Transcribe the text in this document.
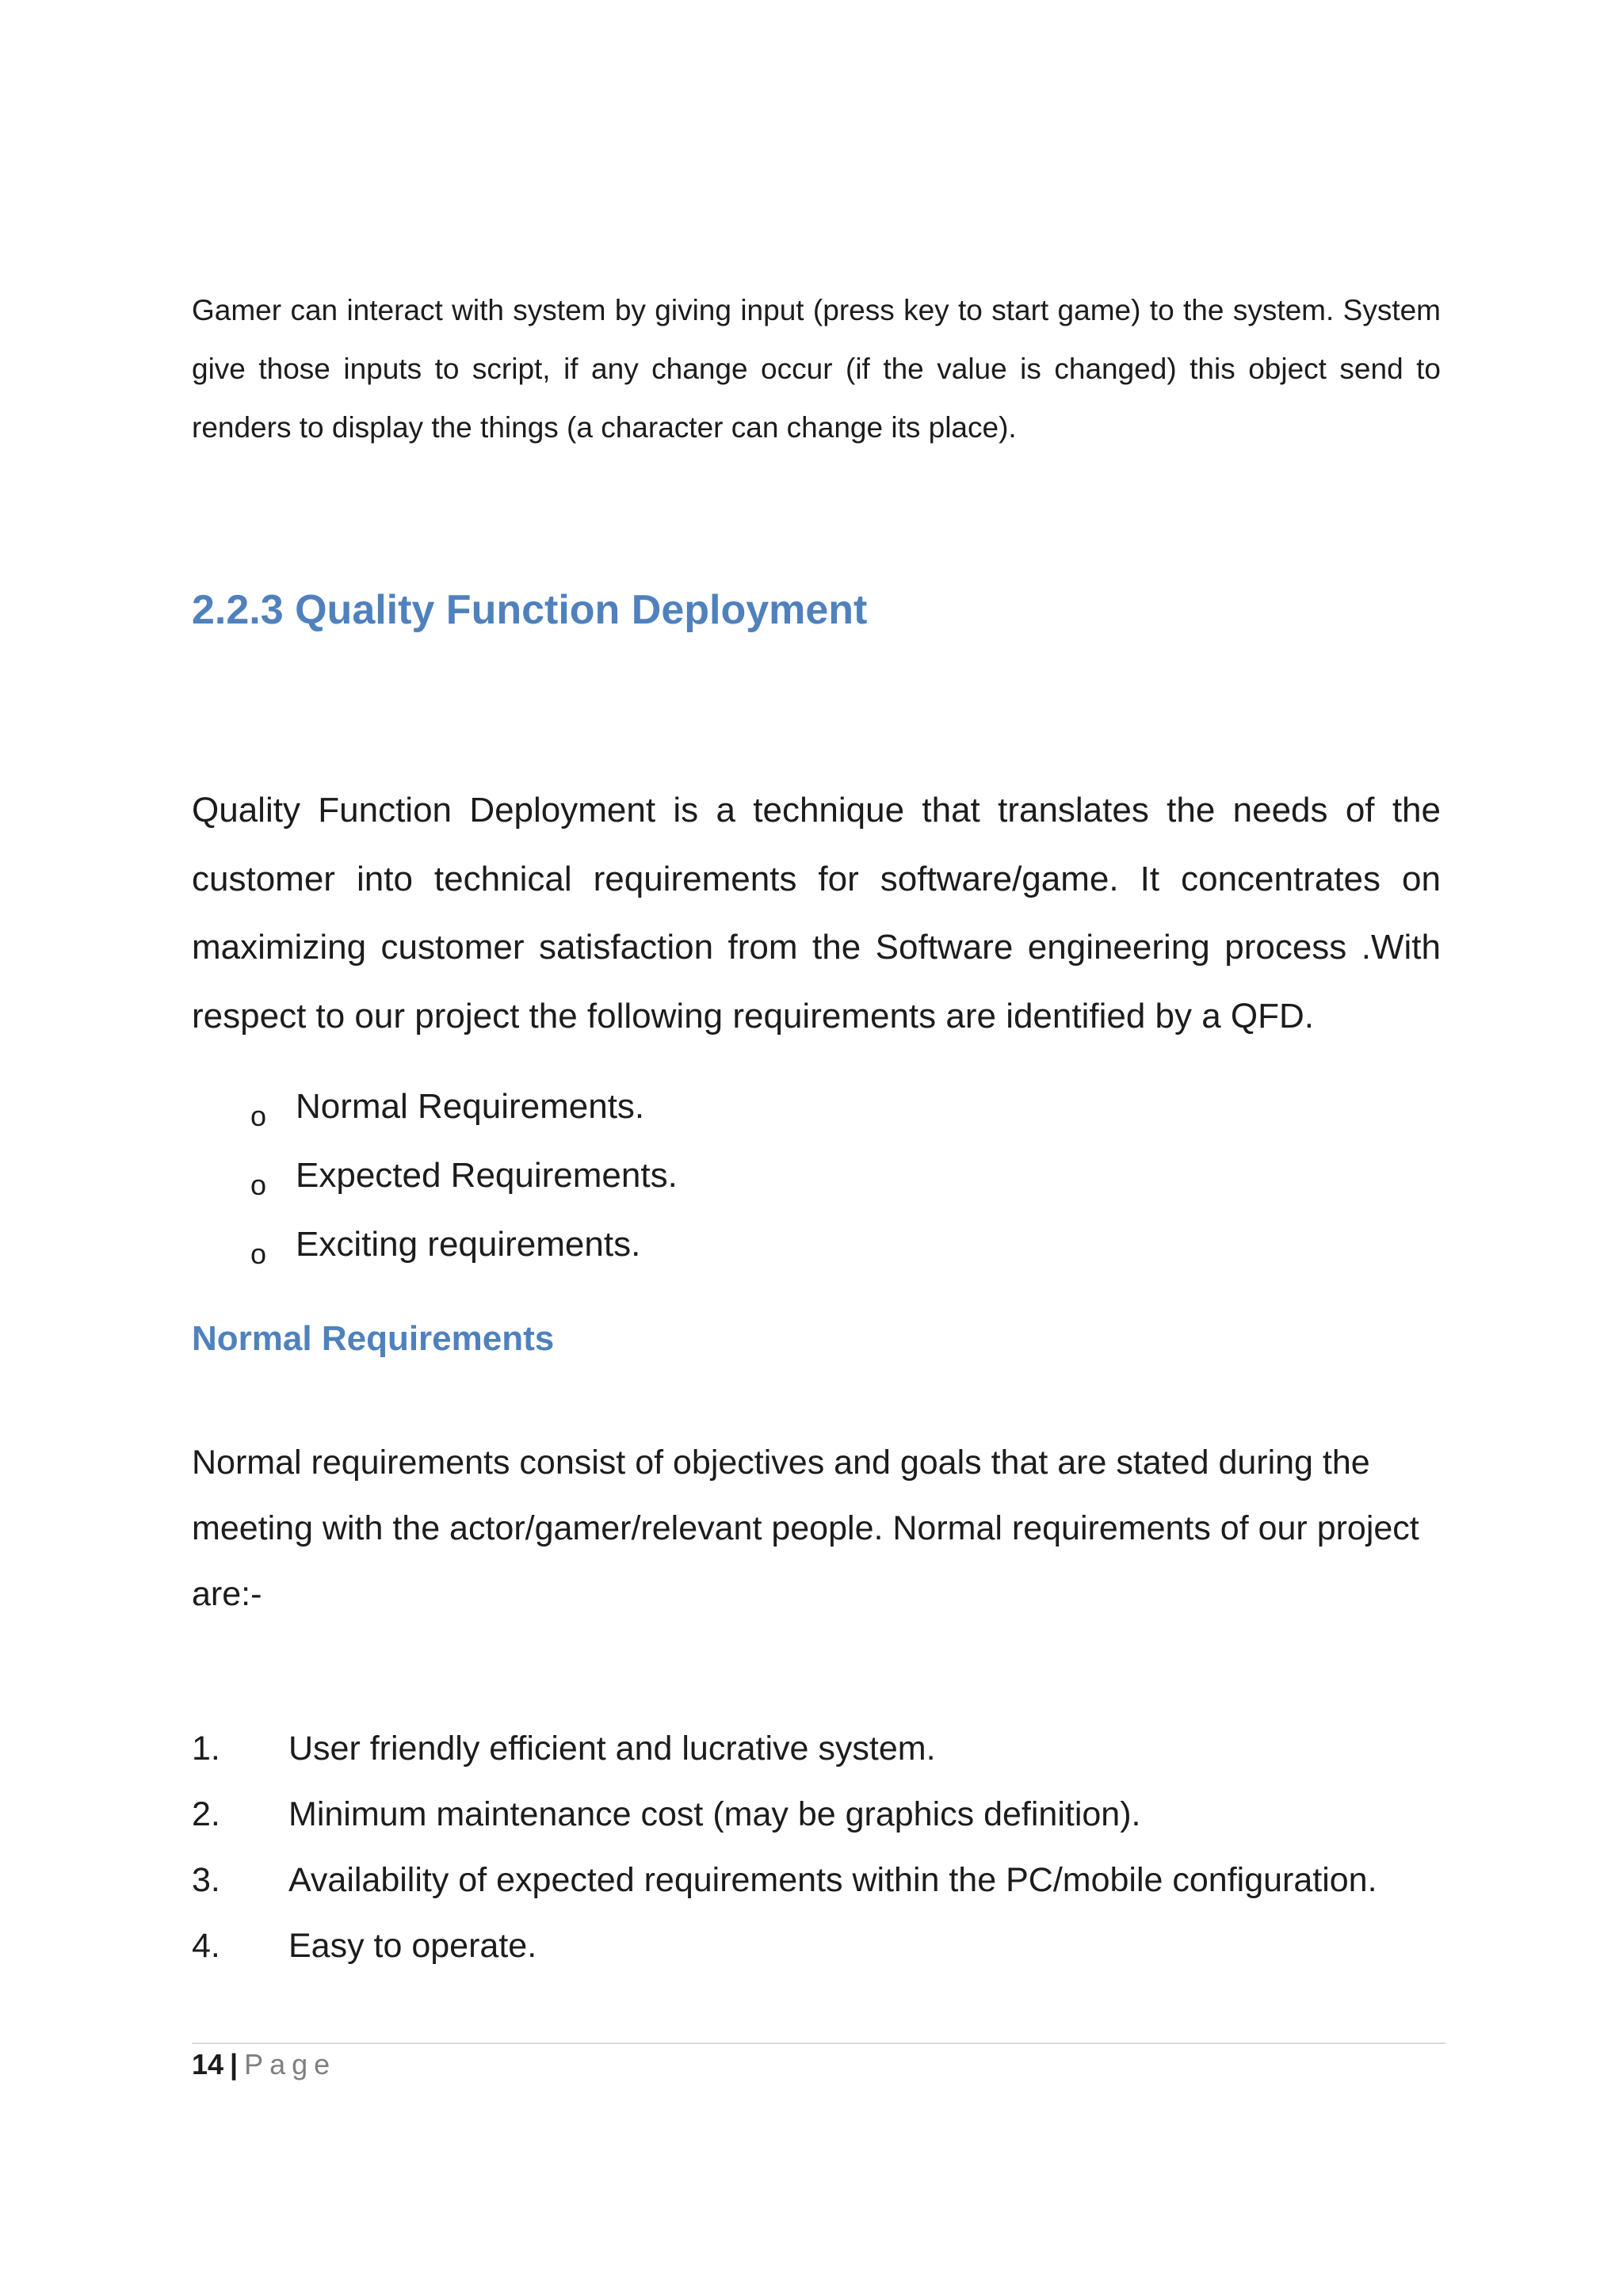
Gamer can interact with system by giving input (press key to start game) to the system. System give those inputs to script, if any change occur (if the value is changed) this object send to renders to display the things (a character can change its place).

2.2.3 Quality Function Deployment

Quality Function Deployment is a technique that translates the needs of the customer into technical requirements for software/game. It concentrates on maximizing customer satisfaction from the Software engineering process .With respect to our project the following requirements are identified by a QFD.

o Normal Requirements.
o Expected Requirements.
o Exciting requirements.
Normal Requirements

Normal requirements consist of objectives and goals that are stated during the meeting with the actor/gamer/relevant people. Normal requirements of our project are:-

1. User friendly efficient and lucrative system.
2. Minimum maintenance cost (may be graphics definition).
3. Availability of expected requirements within the PC/mobile configuration.
4. Easy to operate.
14 | Page
